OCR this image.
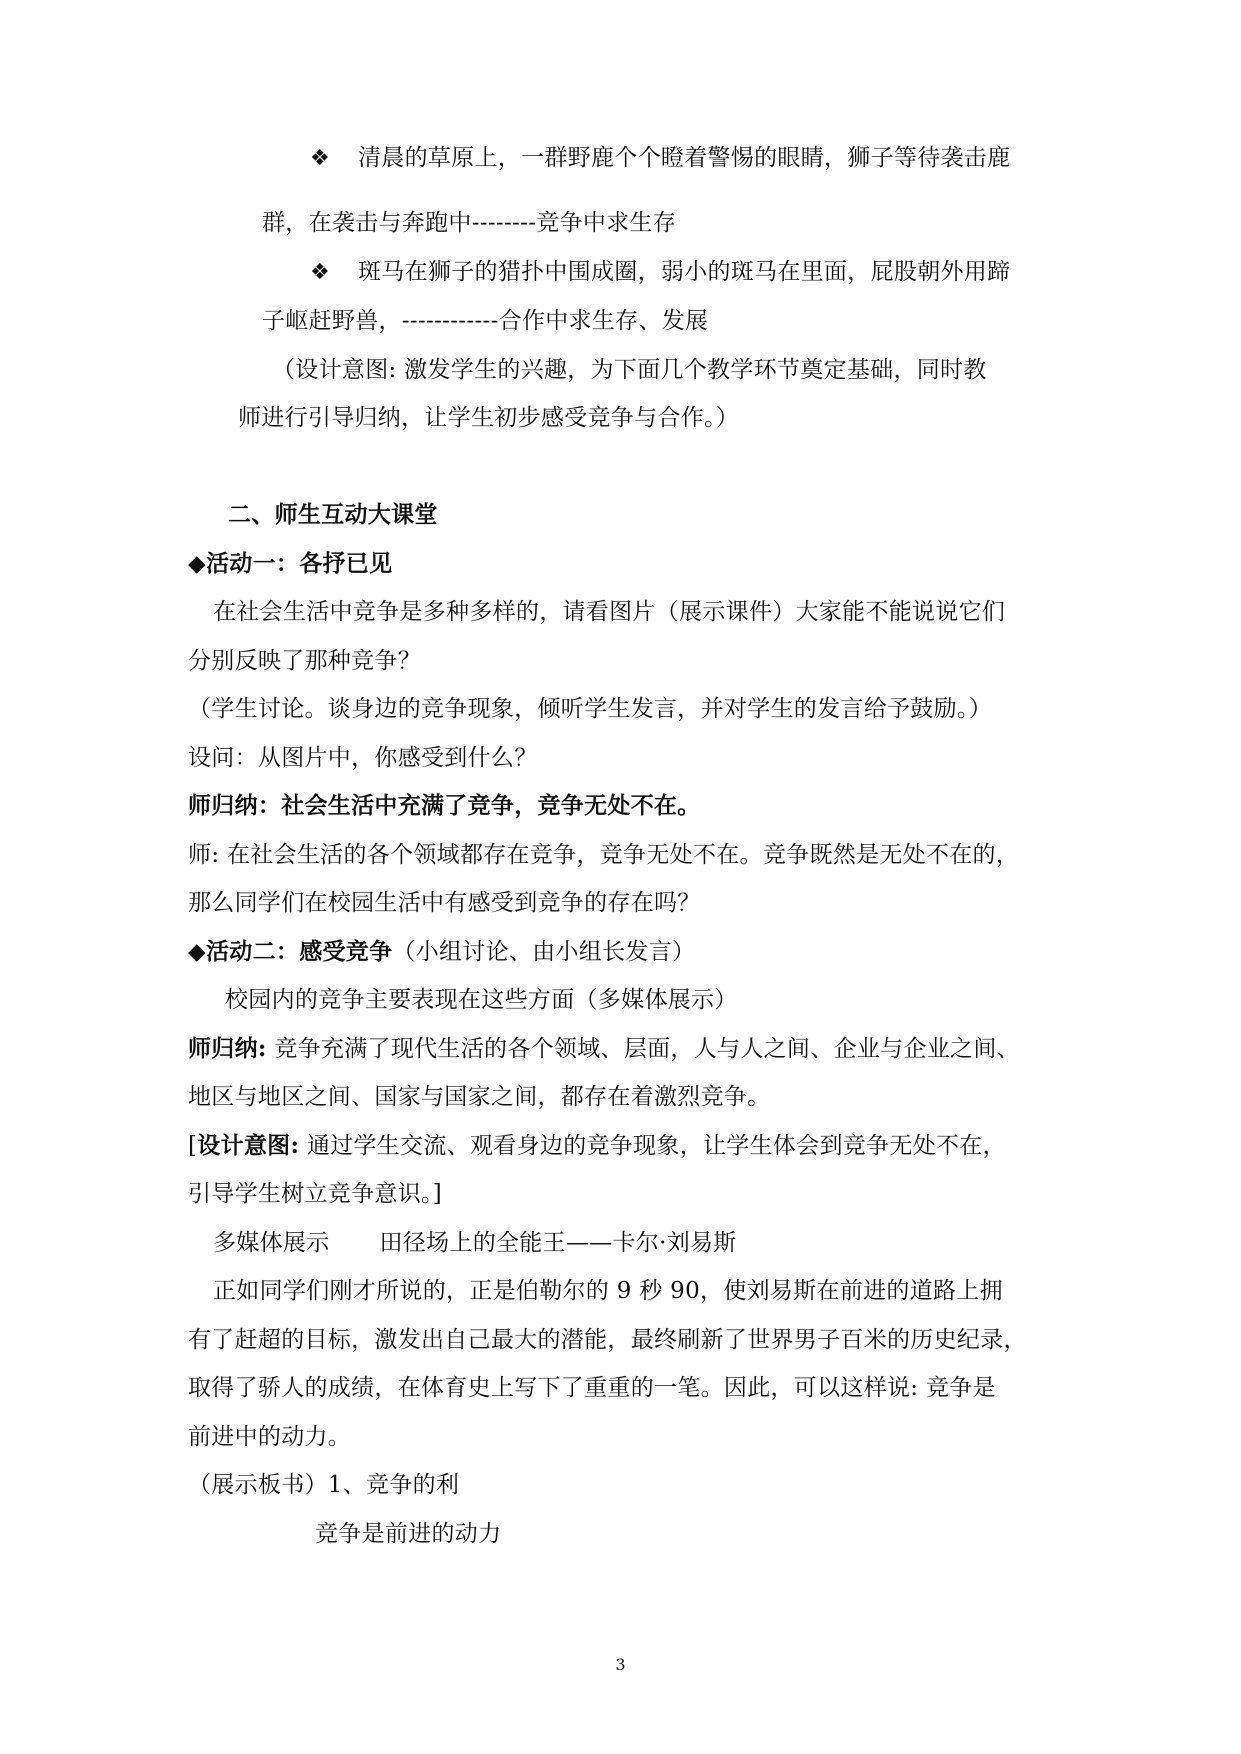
❖ 清晨的草原上，一群野鹿个个瞪着警惕的眼睛，狮子等待袭击鹿
群，在袭击与奔跑中--------竞争中求生存
❖ 斑马在狮子的猎扑中围成圈，弱小的斑马在里面，屁股朝外用蹄
子岖赶野兽，------------合作中求生存、发展
（设计意图: 激发学生的兴趣，为下面几个教学环节奠定基础，同时教
师进行引导归纳，让学生初步感受竞争与合作。）
二、师生互动大课堂
◆活动一：各抒已见
在社会生活中竞争是多种多样的，请看图片（展示课件）大家能不能说说它们
分别反映了那种竞争？
（学生讨论。谈身边的竞争现象，倾听学生发言，并对学生的发言给予鼓励。）
设问：从图片中，你感受到什么？
师归纳：社会生活中充满了竞争，竞争无处不在。
师: 在社会生活的各个领域都存在竞争，竞争无处不在。竞争既然是无处不在的，
那么同学们在校园生活中有感受到竞争的存在吗？
◆活动二：感受竞争（小组讨论、由小组长发言）
校园内的竞争主要表现在这些方面（多媒体展示）
师归纳: 竞争充满了现代生活的各个领域、层面，人与人之间、企业与企业之间、
地区与地区之间、国家与国家之间，都存在着激烈竞争。
[设计意图: 通过学生交流、观看身边的竞争现象，让学生体会到竞争无处不在，
引导学生树立竞争意识。]
多媒体展示 田径场上的全能王——卡尔·刘易斯
正如同学们刚才所说的，正是伯勒尔的 9 秒 90，使刘易斯在前进的道路上拥
有了赶超的目标，激发出自己最大的潜能，最终刷新了世界男子百米的历史纪录，
取得了骄人的成绩，在体育史上写下了重重的一笔。因此，可以这样说: 竞争是
前进中的动力。
（展示板书）1、竞争的利
竞争是前进的动力
3
